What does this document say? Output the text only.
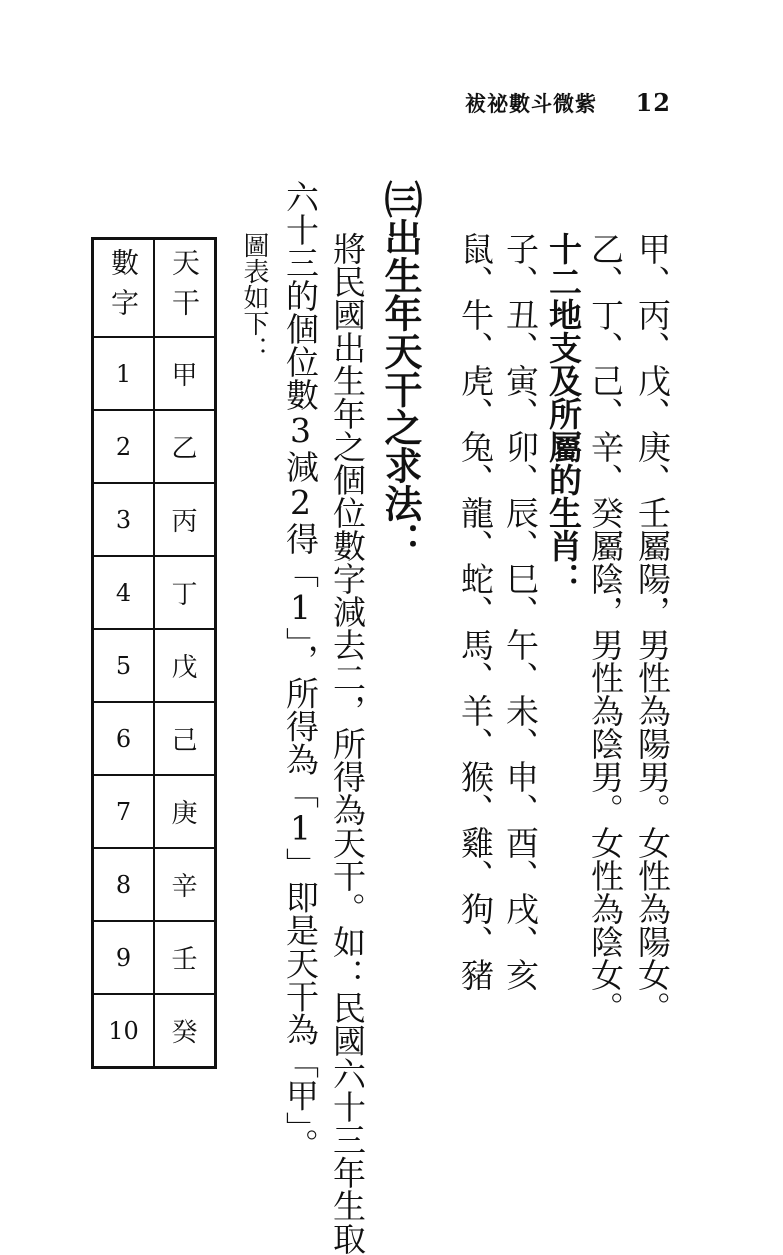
袚祕數斗微紫 12
甲、丙、戊、庚、壬屬陽，男性為陽男。女性為陽女。
乙、丁、己、辛、癸屬陰，男性為陰男。女性為陰女。
十二地支及所屬的生肖：
子、丑、寅、卯、辰、巳、午、未、申、酉、戌、亥
鼠、牛、虎、兔、龍、蛇、馬、羊、猴、雞、狗、豬
㈢出生年天干之求法：
將民國出生年之個位數字減去二，所得為天干。如：民國六十三年生取
六十三的個位數3減2得「1」，所得為「1」即是天干為「甲」。
圖表如下：
數字	天干
1	甲
2	乙
3	丙
4	丁
5	戊
6	己
7	庚
8	辛
9	壬
10	癸
